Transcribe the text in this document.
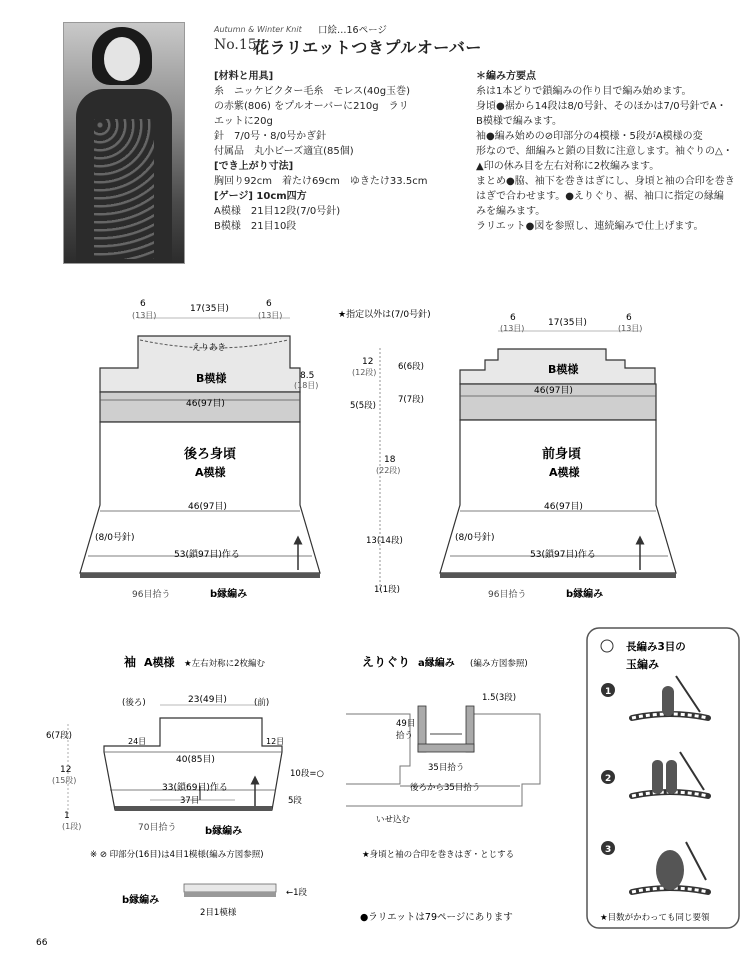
Autumn & Winter Knit 口絵…16ページ
No.15
花ラリエットつきプルオーバー
[材料と用具]
糸　ニッケビクター毛糸　モレス(40g玉巻)
の赤紫(806) をプルオーバーに210g　ラリ
エットに20g
針　7/0号・8/0号かぎ針
付属品　丸小ビーズ適宜(85個)
[でき上がり寸法]
胸回り92cm　着たけ69cm　ゆきたけ33.5cm
[ゲージ] 10cm四方
A模様　21目12段(7/0号針)
B模様　21目10段
＊編み方要点
糸は1本どりで鎖編みの作り目で編み始めます。
身頃●裾から14段は8/0号針、そのほかは7/0号針でA・
B模様で編みます。
袖●編み始めの⊘印部分の4模様・5段がA模様の変
形なので、細編みと鎖の目数に注意します。袖ぐりの△・
▲印の休み目を左右対称に2枚編みます。
まとめ●脇、袖下を巻きはぎにし、身頃と袖の合印を巻き
はぎで合わせます。●えりぐり、裾、袖口に指定の縁編
みを編みます。
ラリエット●図を参照し、連続編みで仕上げます。
6
(13目)
17(35目)	6
(13目)
えりあき
B模様	8.5
(18目)
46(97目)
後ろ身頃
A模様
46(97目)
(8/0号針)
53(鎖97目)作る
96目拾う	b縁編み
★指定以外は(7/0号針)
12
(12段)
6(6段)
5(5段)
7(7段)
18
(22段)
13(14段)
1(1段)
6
(13目)
17(35目)	6
(13目)
B模様
46(97目)
前身頃
A模様
46(97目)
(8/0号針)
53(鎖97目)作る
96目拾う	b縁編み
袖 A模様 ★左右対称に2枚編む
(後ろ)	23(49目)	(前)
24目	12目
40(85目)
6(7段)
12
(15段)
1
(1段)
10段=○
5段
33(鎖69目)作る
37目
70目拾う	b縁編み
※ ⊘ 印部分(16目)は4目1模様(編み方図参照)
b縁編み
←1段
2目1模様
えりぐり a縁編み (編み方図参照)
1.5(3段)
49目
拾う
35目拾う
後ろから35目拾う
いせ込む
★身頃と袖の合印を巻きはぎ・とじする
●ラリエットは79ページにあります
長編み3目の
玉編み
1
2
3
★目数がかわっても同じ要領
66
